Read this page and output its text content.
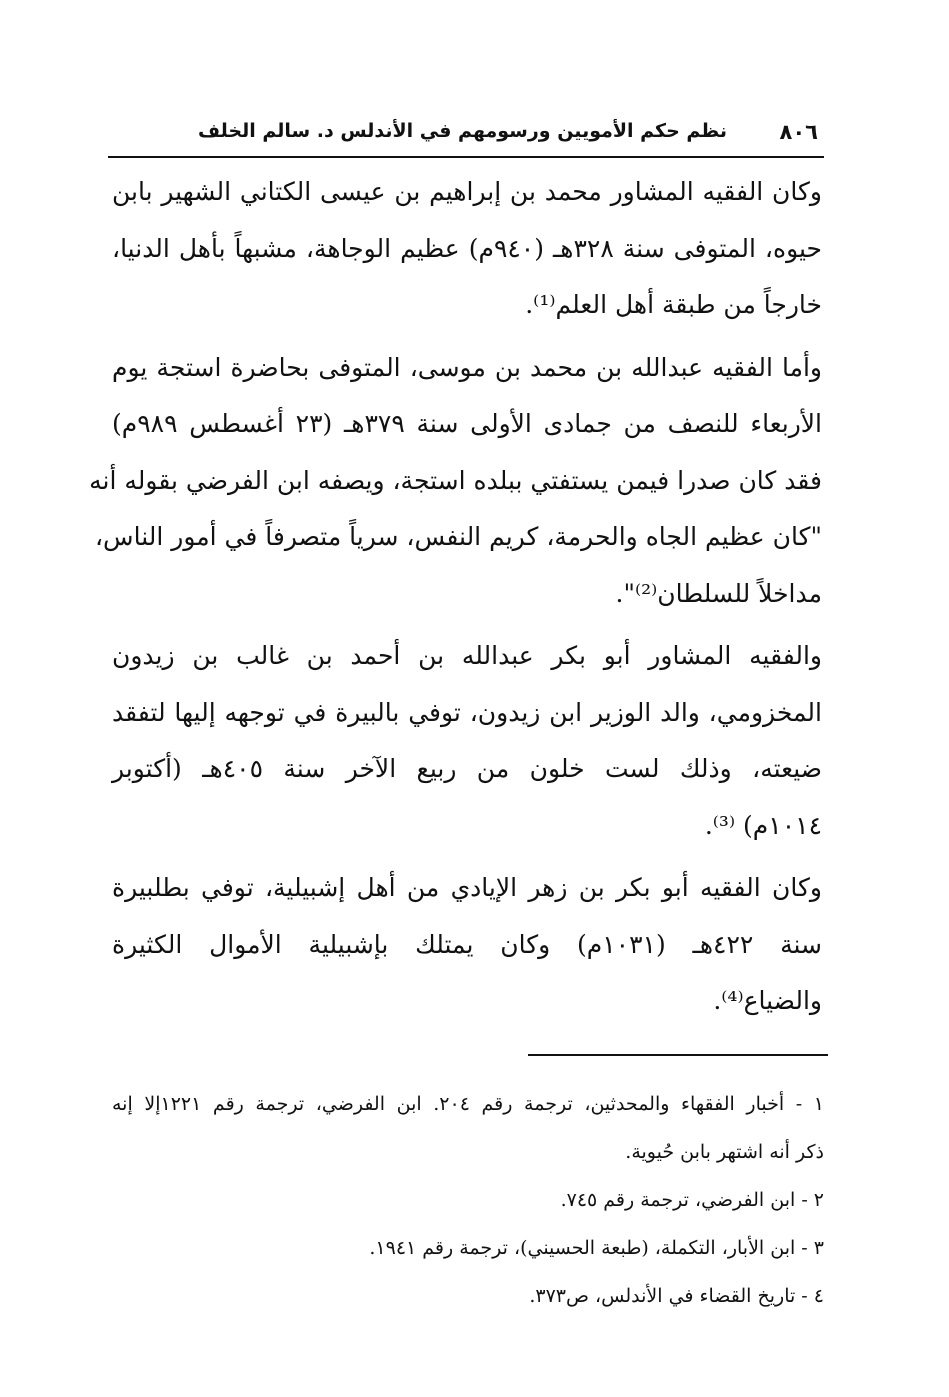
٨٠٦
نظم حكم الأمويين ورسومهم في الأندلس د. سالم الخلف
وكان الفقيه المشاور محمد بن إبراهيم بن عيسى الكتاني الشهير بابن
حيوه، المتوفى سنة ٣٢٨هـ (٩٤٠م) عظيم الوجاهة، مشبهاً بأهل الدنيا،
خارجاً من طبقة أهل العلم⁽¹⁾.
وأما الفقيه عبدالله بن محمد بن موسى، المتوفى بحاضرة استجة يوم
الأربعاء للنصف من جمادى الأولى سنة ٣٧٩هـ (٢٣ أغسطس ٩٨٩م)
فقد كان صدرا فيمن يستفتي ببلده استجة، ويصفه ابن الفرضي بقوله أنه
"كان عظيم الجاه والحرمة، كريم النفس، سرياً متصرفاً في أمور الناس،
مداخلاً للسلطان⁽²⁾".
والفقيه المشاور أبو بكر عبدالله بن أحمد بن غالب بن زيدون
المخزومي، والد الوزير ابن زيدون، توفي بالبيرة في توجهه إليها لتفقد
ضيعته، وذلك لست خلون من ربيع الآخر سنة ٤٠٥هـ (أكتوبر
١٠١٤م) ⁽³⁾.
وكان الفقيه أبو بكر بن زهر الإيادي من أهل إشبيلية، توفي بطلبيرة
سنة ٤٢٢هـ (١٠٣١م) وكان يمتلك بإشبيلية الأموال الكثيرة
والضياع⁽⁴⁾.
١ - أخبار الفقهاء والمحدثين، ترجمة رقم ٢٠٤. ابن الفرضي، ترجمة رقم ١٢٢١إلا إنه
ذكر أنه اشتهر بابن حُيوية.
٢ - ابن الفرضي، ترجمة رقم ٧٤٥.
٣ - ابن الأبار، التكملة، (طبعة الحسيني)، ترجمة رقم ١٩٤١.
٤ - تاريخ القضاء في الأندلس، ص٣٧٣.
